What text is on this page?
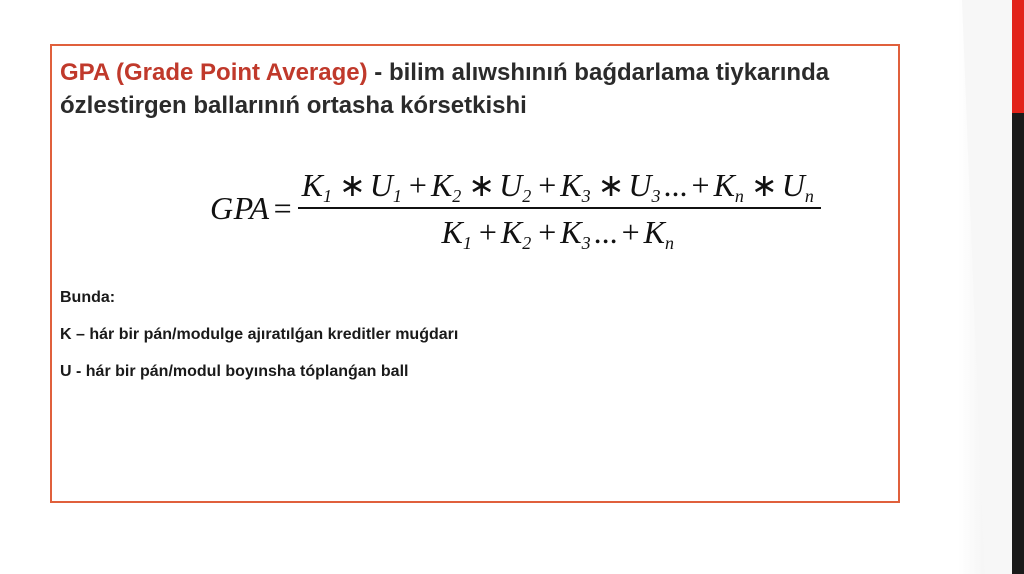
GPA (Grade Point Average) - bilim alıwshınıń baǵdarlama tiykarında ózlestirgen ballarınıń ortasha kórsetkishi

GPA = $\frac{K_1 ∗ U_1 + K_2 ∗ U_2 + K_3 ∗ U_3... + K_n ∗ U_n}{K_1 + K_2 + K_3... + K_n}$

Bunda:

K – hár bir pán/modulge ajıratılǵan kreditler muǵdarı

U - hár bir pán/modul boyınsha tóplanǵan ball
